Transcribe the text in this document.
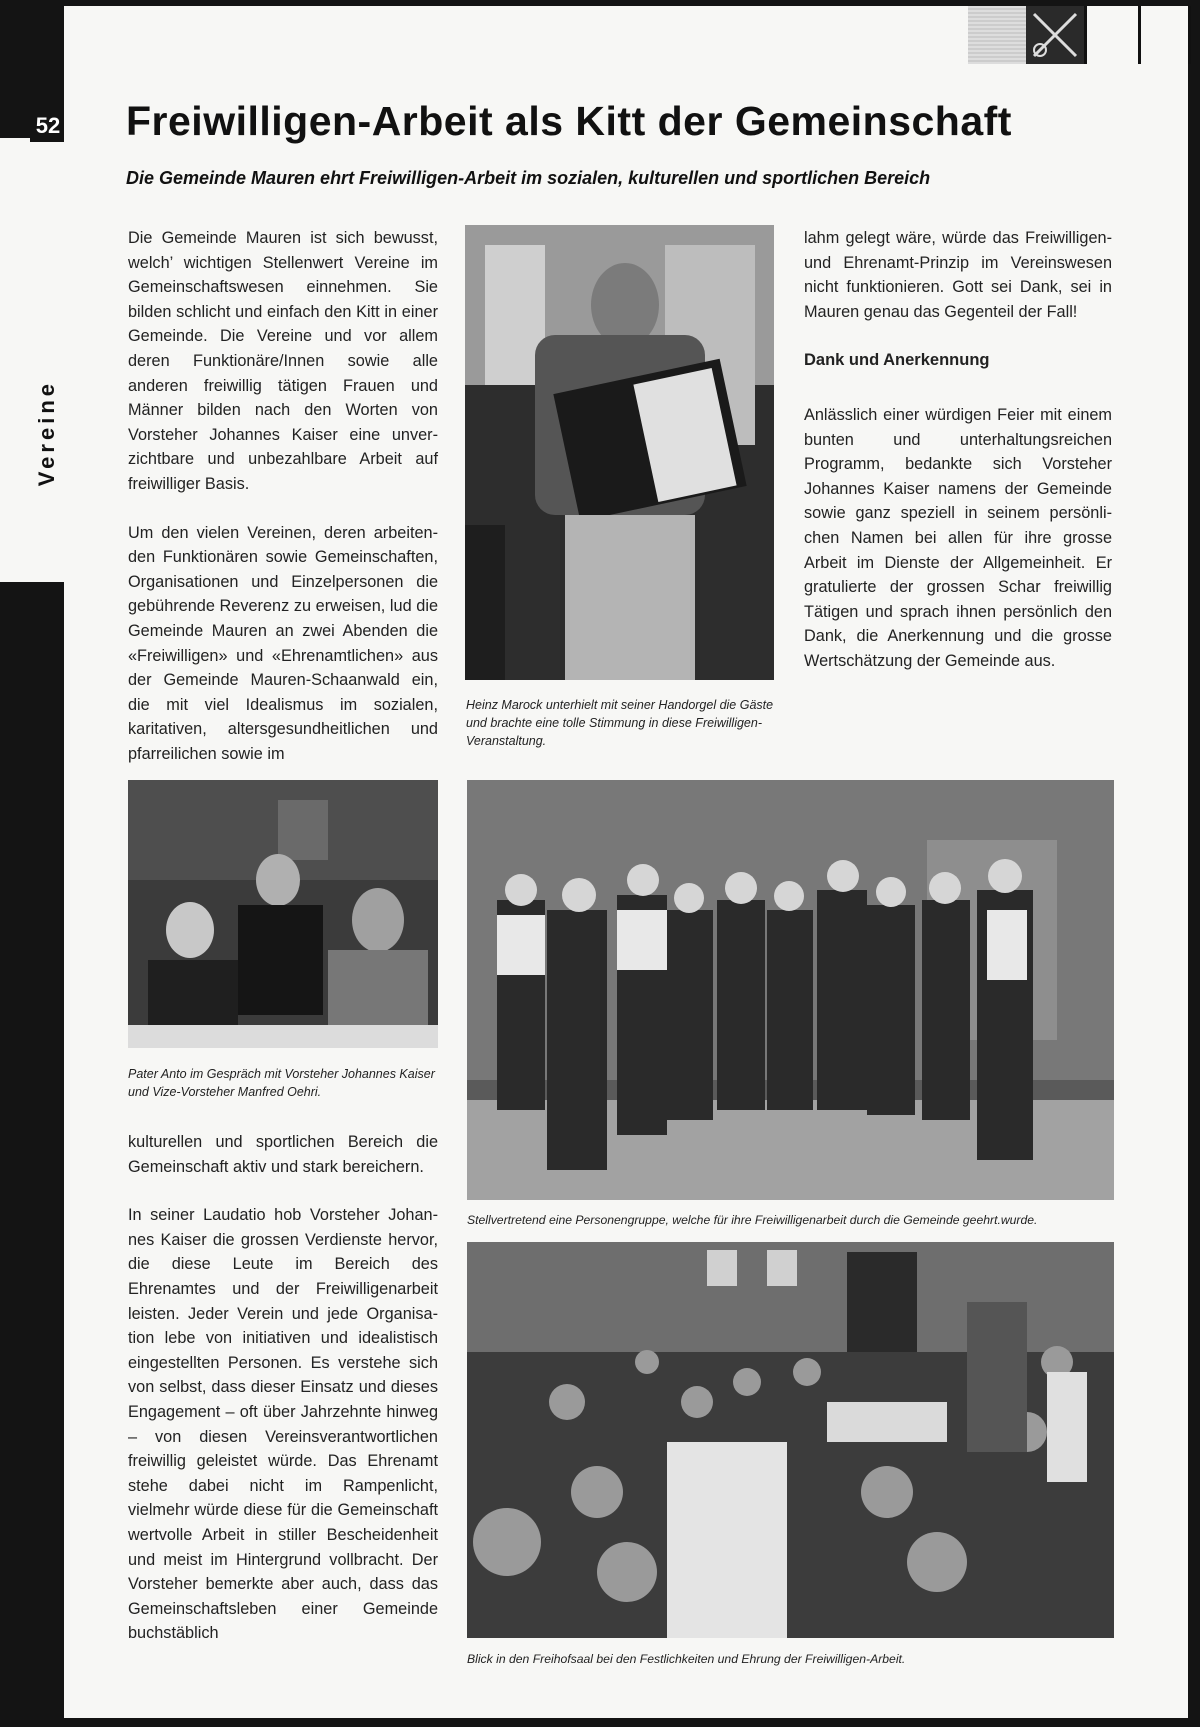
52
Vereine
Freiwilligen-Arbeit als Kitt der Gemeinschaft

Die Gemeinde Mauren ehrt Freiwilligen-Arbeit im sozialen, kulturellen und sportlichen Bereich

Die Gemeinde Mauren ist sich bewusst, welch’ wichtigen Stellenwert Vereine im Gemeinschaftswesen einnehmen. Sie bilden schlicht und einfach den Kitt in einer Gemeinde. Die Vereine und vor allem deren Funktionäre/Innen sowie alle anderen freiwillig tätigen Frauen und Männer bilden nach den Worten von Vorsteher Johannes Kaiser eine unverzichtbare und unbezahlbare Arbeit auf freiwilliger Basis.

Um den vielen Vereinen, deren arbeitenden Funktionären sowie Gemeinschaften, Organisationen und Einzelpersonen die gebührende Reverenz zu erweisen, lud die Gemeinde Mauren an zwei Abenden die «Freiwilligen» und «Ehrenamtlichen» aus der Gemeinde Mauren-Schaanwald ein, die mit viel Idealismus im sozialen, karitativen, altersgesundheitlichen und pfarreilichen sowie im

kulturellen und sportlichen Bereich die Gemeinschaft aktiv und stark bereichern.

In seiner Laudatio hob Vorsteher Johannes Kaiser die grossen Verdienste hervor, die diese Leute im Bereich des Ehrenamtes und der Freiwilligenarbeit leisten. Jeder Verein und jede Organisation lebe von initiativen und idealistisch eingestellten Personen. Es verstehe sich von selbst, dass dieser Einsatz und dieses Engagement – oft über Jahrzehnte hinweg – von diesen Vereinsverantwortlichen freiwillig geleistet würde. Das Ehrenamt stehe dabei nicht im Rampenlicht, vielmehr würde diese für die Gemeinschaft wertvolle Arbeit in stiller Bescheidenheit und meist im Hintergrund vollbracht. Der Vorsteher bemerkte aber auch, dass das Gemeinschaftsleben einer Gemeinde buchstäblich

lahm gelegt wäre, würde das Freiwilligen- und Ehrenamt-Prinzip im Vereinswesen nicht funktionieren. Gott sei Dank, sei in Mauren genau das Gegenteil der Fall!

Dank und Anerkennung

Anlässlich einer würdigen Feier mit einem bunten und unterhaltungsreichen Programm, bedankte sich Vorsteher Johannes Kaiser namens der Gemeinde sowie ganz speziell in seinem persönlichen Namen bei allen für ihre grosse Arbeit im Dienste der Allgemeinheit. Er gratulierte der grossen Schar freiwillig Tätigen und sprach ihnen persönlich den Dank, die Anerkennung und die grosse Wertschätzung der Gemeinde aus.

Heinz Marock unterhielt mit seiner Handorgel die Gäste und brachte eine tolle Stimmung in diese Freiwilligen-Veranstaltung.
Pater Anto im Gespräch mit Vorsteher Johannes Kaiser und Vize-Vorsteher Manfred Oehri.
Stellvertretend eine Personengruppe, welche für ihre Freiwilligenarbeit durch die Gemeinde geehrt.wurde.
Blick in den Freihofsaal bei den Festlichkeiten und Ehrung der Freiwilligen-Arbeit.
